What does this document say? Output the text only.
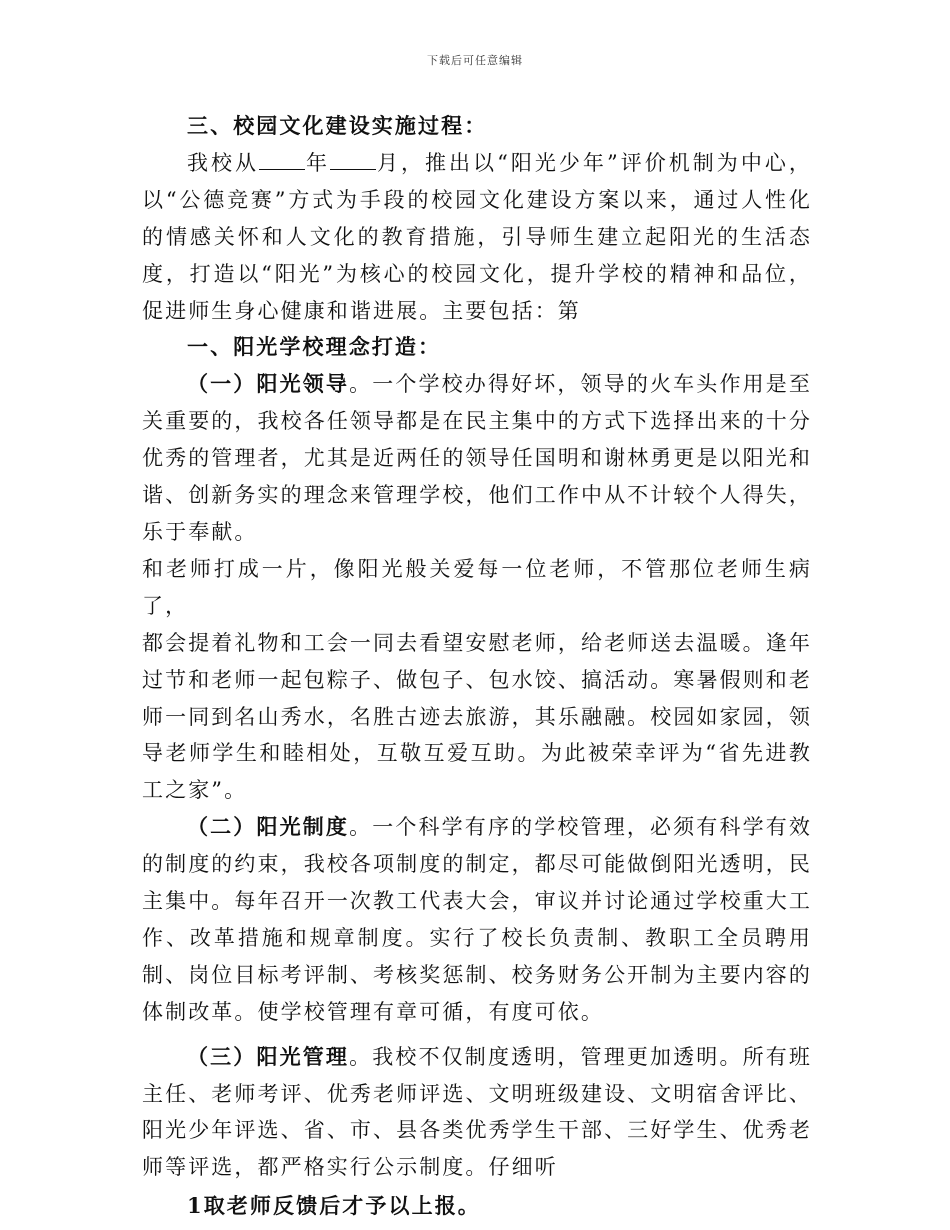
下载后可任意编辑

三、校园文化建设实施过程：

我校从 年 月，推出以“阳光少年”评价机制为中心，以“公德竞赛”方式为手段的校园文化建设方案以来，通过人性化的情感关怀和人文化的教育措施，引导师生建立起阳光的生活态度，打造以“阳光”为核心的校园文化，提升学校的精神和品位，促进师生身心健康和谐进展。主要包括：第

一、阳光学校理念打造：

（一）阳光领导。一个学校办得好坏，领导的火车头作用是至关重要的，我校各任领导都是在民主集中的方式下选择出来的十分优秀的管理者，尤其是近两任的领导任国明和谢林勇更是以阳光和谐、创新务实的理念来管理学校，他们工作中从不计较个人得失，乐于奉献。

和老师打成一片，像阳光般关爱每一位老师，不管那位老师生病了，

都会提着礼物和工会一同去看望安慰老师，给老师送去温暖。逢年过节和老师一起包粽子、做包子、包水饺、搞活动。寒暑假则和老师一同到名山秀水，名胜古迹去旅游，其乐融融。校园如家园，领导老师学生和睦相处，互敬互爱互助。为此被荣幸评为“省先进教工之家”。

（二）阳光制度。一个科学有序的学校管理，必须有科学有效的制度的约束，我校各项制度的制定，都尽可能做倒阳光透明，民主集中。每年召开一次教工代表大会，审议并讨论通过学校重大工作、改革措施和规章制度。实行了校长负责制、教职工全员聘用制、岗位目标考评制、考核奖惩制、校务财务公开制为主要内容的体制改革。使学校管理有章可循，有度可依。

（三）阳光管理。我校不仅制度透明，管理更加透明。所有班主任、老师考评、优秀老师评选、文明班级建设、文明宿舍评比、阳光少年评选、省、市、县各类优秀学生干部、三好学生、优秀老师等评选，都严格实行公示制度。仔细听

1取老师反馈后才予以上报。
